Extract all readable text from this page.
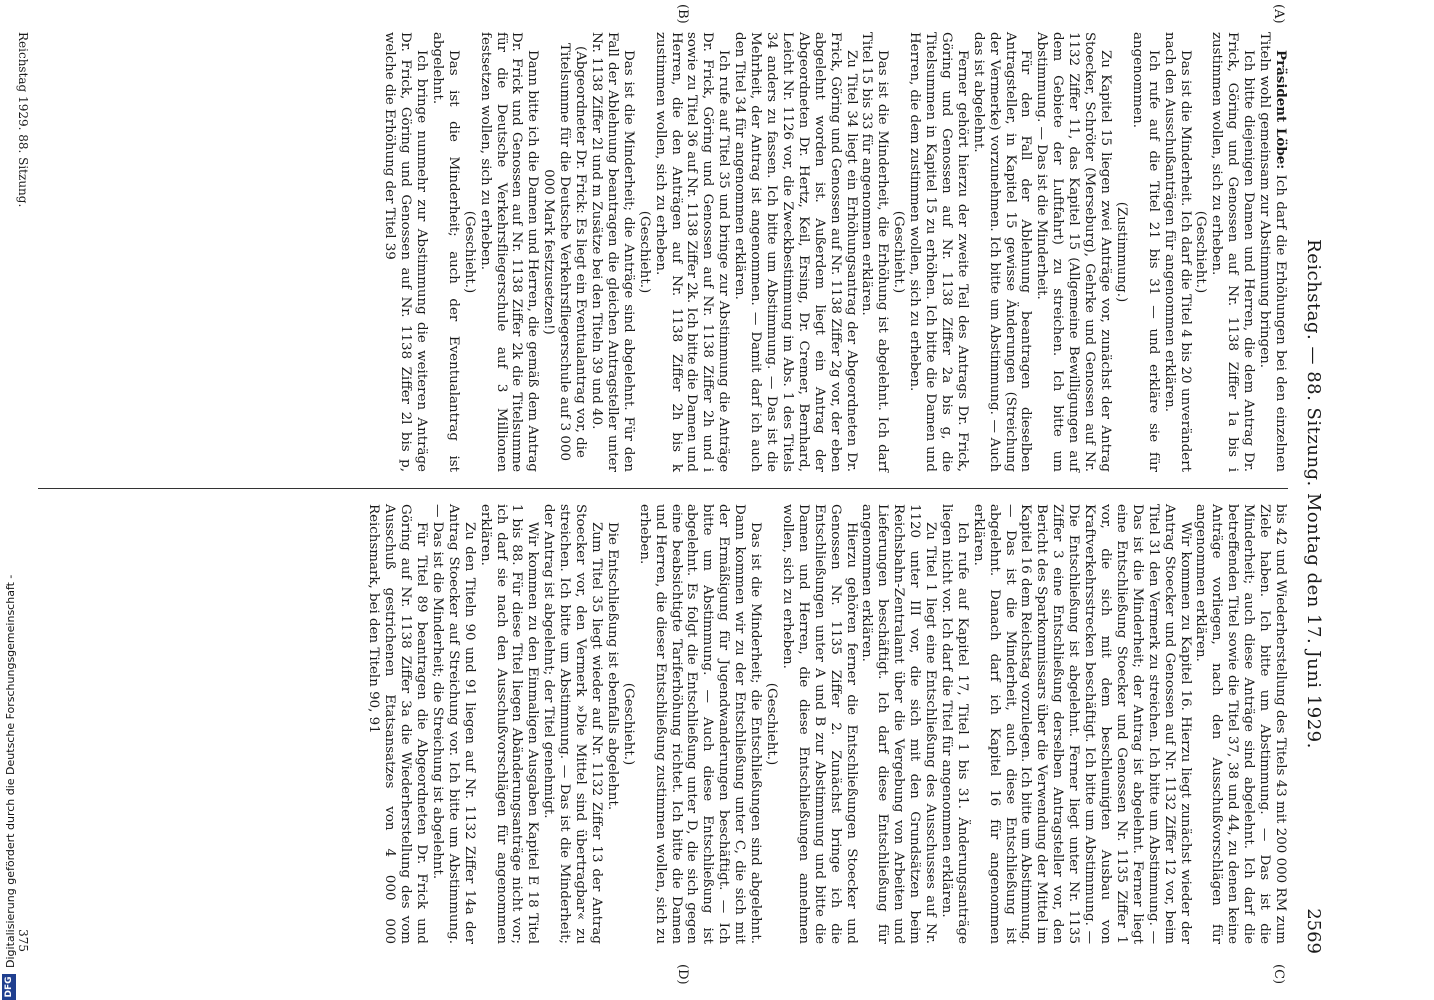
Reichstag. — 88. Sitzung. Montag den 17. Juni 1929.
2569
(A)
(B)
(C)
(D)

Präsident Löbe: Ich darf die Erhöhungen bei den einzelnen Titeln wohl gemeinsam zur Abstimmung bringen.

Ich bitte diejenigen Damen und Herren, die dem Antrag Dr. Frick, Göring und Genossen auf Nr. 1138 Ziffer 1a bis i zustimmen wollen, sich zu erheben.

(Geschieht.)

Das ist die Minderheit. Ich darf die Titel 4 bis 20 unverändert nach den Ausschußanträgen für angenommen erklären.

Ich rufe auf die Titel 21 bis 31 — und erkläre sie für angenommen.

(Zustimmung.)

Zu Kapitel 15 liegen zwei Anträge vor, zunächst der Antrag Stoecker, Schröter (Merseburg), Gehrke und Genossen auf Nr. 1132 Ziffer 11, das Kapitel 15 (Allgemeine Bewilligungen auf dem Gebiete der Luftfahrt) zu streichen. Ich bitte um Abstimmung. — Das ist die Minderheit.

Für den Fall der Ablehnung beantragen dieselben Antragsteller, in Kapitel 15 gewisse Änderungen (Streichung der Vermerke) vorzunehmen. Ich bitte um Abstimmung. — Auch das ist abgelehnt.

Ferner gehört hierzu der zweite Teil des Antrags Dr. Frick, Göring und Genossen auf Nr. 1138 Ziffer 2a bis g, die Titelsummen in Kapitel 15 zu erhöhen. Ich bitte die Damen und Herren, die dem zustimmen wollen, sich zu erheben.

(Geschieht.)

Das ist die Minderheit, die Erhöhung ist abgelehnt. Ich darf Titel 15 bis 33 für angenommen erklären.

Zu Titel 34 liegt ein Erhöhungsantrag der Abgeordneten Dr. Frick, Göring und Genossen auf Nr. 1138 Ziffer 2g vor, der eben abgelehnt worden ist. Außerdem liegt ein Antrag der Abgeordneten Dr. Hertz, Keil, Ersing, Dr. Cremer, Bernhard, Leicht Nr. 1126 vor, die Zweckbestimmung im Abs. 1 des Titels 34 anders zu fassen. Ich bitte um Abstimmung. — Das ist die Mehrheit, der Antrag ist angenommen. — Damit darf ich auch den Titel 34 für angenommen erklären.

Ich rufe auf Titel 35 und bringe zur Abstimmung die Anträge Dr. Frick, Göring und Genossen auf Nr. 1138 Ziffer 2h und i sowie zu Titel 36 auf Nr. 1138 Ziffer 2k. Ich bitte die Damen und Herren, die den Anträgen auf Nr. 1138 Ziffer 2h bis k zustimmen wollen, sich zu erheben.

(Geschieht.)

Das ist die Minderheit; die Anträge sind abgelehnt. Für den Fall der Ablehnung beantragen die gleichen Antragsteller unter Nr. 1138 Ziffer 2l und m Zusätze bei den Titeln 39 und 40.

(Abgeordneter Dr. Frick: Es liegt ein Eventualantrag vor, die Titelsumme für die Deutsche Verkehrsfliegerschule auf 3 000 000 Mark festzusetzen!)

Dann bitte ich die Damen und Herren, die gemäß dem Antrag Dr. Frick und Genossen auf Nr. 1138 Ziffer 2k die Titelsumme für die Deutsche Verkehrsfliegerschule auf 3 Millionen festsetzen wollen, sich zu erheben.

(Geschieht.)

Das ist die Minderheit; auch der Eventualantrag ist abgelehnt.

Ich bringe nunmehr zur Abstimmung die weiteren Anträge Dr. Frick, Göring und Genossen auf Nr. 1138 Ziffer 2l bis p, welche die Erhöhung der Titel 39

bis 42 und Wiederherstellung des Titels 43 mit 200 000 RM zum Ziele haben. Ich bitte um Abstimmung. — Das ist die Minderheit; auch diese Anträge sind abgelehnt. Ich darf die betreffenden Titel sowie die Titel 37, 38 und 44, zu denen keine Anträge vorliegen, nach den Ausschußvorschlägen für angenommen erklären.

Wir kommen zu Kapitel 16. Hierzu liegt zunächst wieder der Antrag Stoecker und Genossen auf Nr. 1132 Ziffer 12 vor, beim Titel 31 den Vermerk zu streichen. Ich bitte um Abstimmung. — Das ist die Minderheit; der Antrag ist abgelehnt. Ferner liegt eine Entschließung Stoecker und Genossen Nr. 1135 Ziffer 1 vor, die sich mit dem beschleunigten Ausbau von Kraftverkehrsstrecken beschäftigt. Ich bitte um Abstimmung. — Die Entschließung ist abgelehnt. Ferner liegt unter Nr. 1135 Ziffer 3 eine Entschließung derselben Antragsteller vor, den Bericht des Sparkommissars über die Verwendung der Mittel im Kapitel 16 dem Reichstag vorzulegen. Ich bitte um Abstimmung. — Das ist die Minderheit, auch diese Entschließung ist abgelehnt. Danach darf ich Kapitel 16 für angenommen erklären.

Ich rufe auf Kapitel 17, Titel 1 bis 31. Änderungsanträge liegen nicht vor. Ich darf die Titel für angenommen erklären.

Zu Titel 1 liegt eine Entschließung des Ausschusses auf Nr. 1120 unter III vor, die sich mit den Grundsätzen beim Reichsbahn-Zentralamt über die Vergebung von Arbeiten und Lieferungen beschäftigt. Ich darf diese Entschließung für angenommen erklären.

Hierzu gehören ferner die Entschließungen Stoecker und Genossen Nr. 1135 Ziffer 2. Zunächst bringe ich die Entschließungen unter A und B zur Abstimmung und bitte die Damen und Herren, die diese Entschließungen annehmen wollen, sich zu erheben.

(Geschieht.)

Das ist die Minderheit; die Entschließungen sind abgelehnt. Dann kommen wir zu der Entschließung unter C, die sich mit der Ermäßigung für Jugendwanderungen beschäftigt. — Ich bitte um Abstimmung. — Auch diese Entschließung ist abgelehnt. Es folgt die Entschließung unter D, die sich gegen eine beabsichtigte Tariferhöhung richtet. Ich bitte die Damen und Herren, die dieser Entschließung zustimmen wollen, sich zu erheben.

(Geschieht.)

Die Entschließung ist ebenfalls abgelehnt.

Zum Titel 35 liegt wieder auf Nr. 1132 Ziffer 13 der Antrag Stoecker vor, den Vermerk »Die Mittel sind übertragbar« zu streichen. Ich bitte um Abstimmung. — Das ist die Minderheit; der Antrag ist abgelehnt; der Titel genehmigt.

Wir kommen zu den Einmaligen Ausgaben Kapitel E 18 Titel 1 bis 88. Für diese Titel liegen Abänderungsanträge nicht vor; ich darf sie nach den Ausschußvorschlägen für angenommen erklären.

Zu den Titeln 90 und 91 liegen auf Nr. 1132 Ziffer 14a der Antrag Stoecker auf Streichung vor. Ich bitte um Abstimmung. — Das ist die Minderheit; die Streichung ist abgelehnt.

Für Titel 89 beantragen die Abgeordneten Dr. Frick und Göring auf Nr. 1138 Ziffer 3a die Wiederherstellung des vom Ausschuß gestrichenen Etatsansatzes von 4 000 000 Reichsmark, bei den Titeln 90, 91

Reichstag 1929. 88. Sitzung.
375
Digitalisierung gefördert durch die Deutsche Forschungsgemeinschaft -
DFG
